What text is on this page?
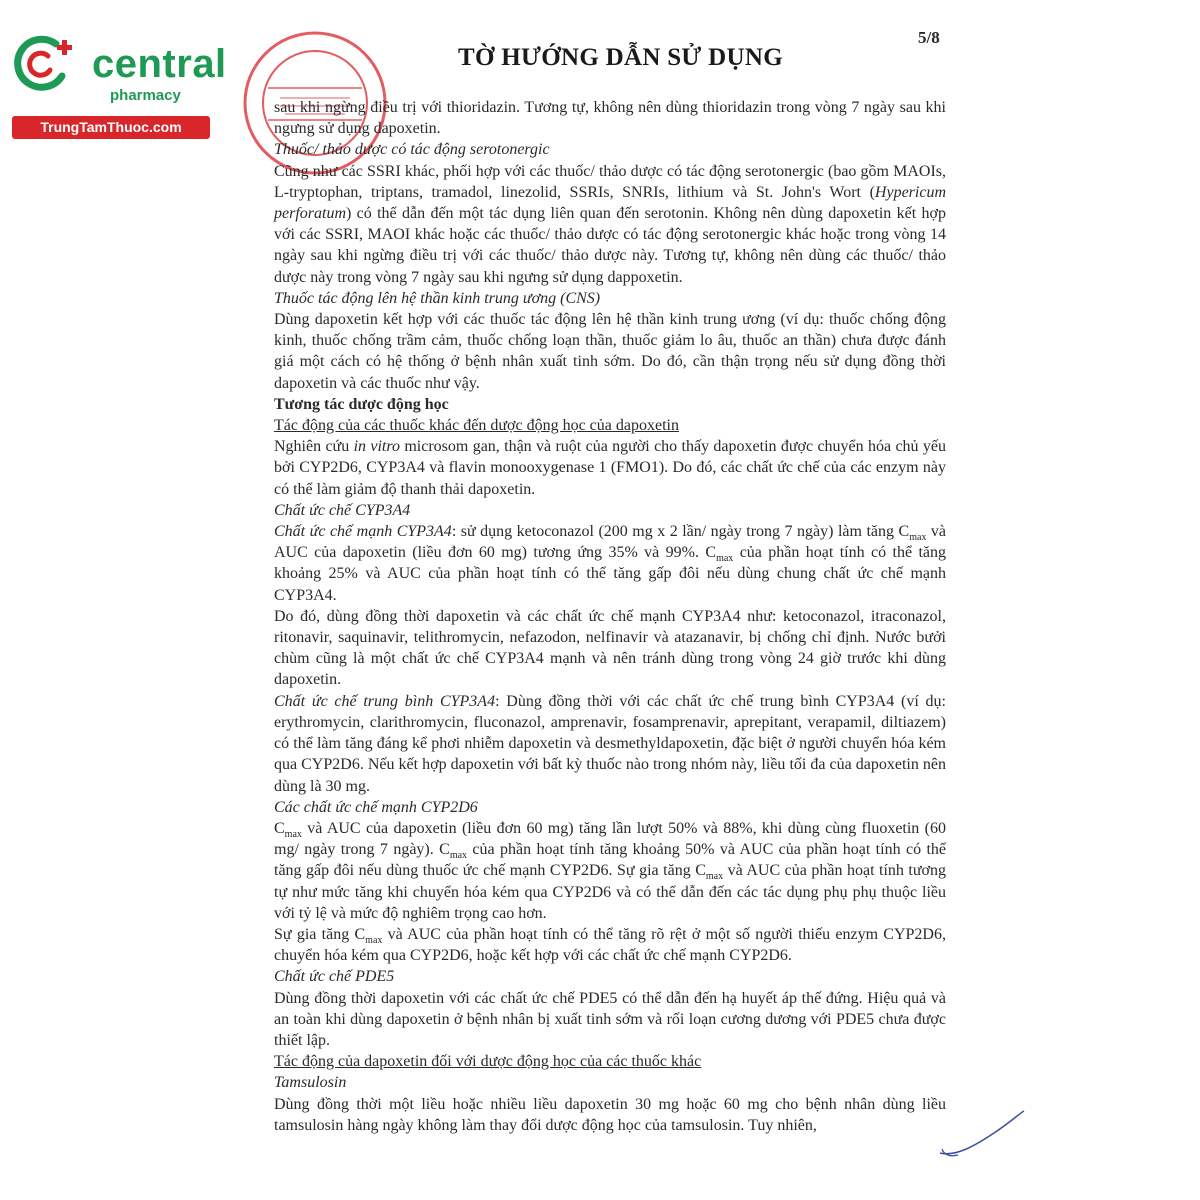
central
pharmacy
TrungTamThuoc.com
5/8
TỜ HƯỚNG DẪN SỬ DỤNG

sau khi ngừng điều trị với thioridazin. Tương tự, không nên dùng thioridazin trong vòng 7 ngày sau khi ngưng sử dụng dapoxetin.

Thuốc/ thảo dược có tác động serotonergic

Cũng như các SSRI khác, phối hợp với các thuốc/ thảo dược có tác động serotonergic (bao gồm MAOIs, L-tryptophan, triptans, tramadol, linezolid, SSRIs, SNRIs, lithium và St. John's Wort (Hypericum perforatum) có thể dẫn đến một tác dụng liên quan đến serotonin. Không nên dùng dapoxetin kết hợp với các SSRI, MAOI khác hoặc các thuốc/ thảo dược có tác động serotonergic khác hoặc trong vòng 14 ngày sau khi ngừng điều trị với các thuốc/ thảo dược này. Tương tự, không nên dùng các thuốc/ thảo dược này trong vòng 7 ngày sau khi ngưng sử dụng dappoxetin.

Thuốc tác động lên hệ thần kinh trung ương (CNS)

Dùng dapoxetin kết hợp với các thuốc tác động lên hệ thần kinh trung ương (ví dụ: thuốc chống động kinh, thuốc chống trầm cảm, thuốc chống loạn thần, thuốc giảm lo âu, thuốc an thần) chưa được đánh giá một cách có hệ thống ở bệnh nhân xuất tinh sớm. Do đó, cần thận trọng nếu sử dụng đồng thời dapoxetin và các thuốc như vậy.

Tương tác dược động học

Tác động của các thuốc khác đến dược động học của dapoxetin

Nghiên cứu in vitro microsom gan, thận và ruột của người cho thấy dapoxetin được chuyển hóa chủ yếu bởi CYP2D6, CYP3A4 và flavin monooxygenase 1 (FMO1). Do đó, các chất ức chế của các enzym này có thể làm giảm độ thanh thải dapoxetin.

Chất ức chế CYP3A4

Chất ức chế mạnh CYP3A4: sử dụng ketoconazol (200 mg x 2 lần/ ngày trong 7 ngày) làm tăng $C_{max}$ và AUC của dapoxetin (liều đơn 60 mg) tương ứng 35% và 99%. $C_{max}$ của phần hoạt tính có thể tăng khoảng 25% và AUC của phần hoạt tính có thể tăng gấp đôi nếu dùng chung chất ức chế mạnh CYP3A4.

Do đó, dùng đồng thời dapoxetin và các chất ức chế mạnh CYP3A4 như: ketoconazol, itraconazol, ritonavir, saquinavir, telithromycin, nefazodon, nelfinavir và atazanavir, bị chống chỉ định. Nước bưởi chùm cũng là một chất ức chế CYP3A4 mạnh và nên tránh dùng trong vòng 24 giờ trước khi dùng dapoxetin.

Chất ức chế trung bình CYP3A4: Dùng đồng thời với các chất ức chế trung bình CYP3A4 (ví dụ: erythromycin, clarithromycin, fluconazol, amprenavir, fosamprenavir, aprepitant, verapamil, diltiazem) có thể làm tăng đáng kể phơi nhiễm dapoxetin và desmethyldapoxetin, đặc biệt ở người chuyển hóa kém qua CYP2D6. Nếu kết hợp dapoxetin với bất kỳ thuốc nào trong nhóm này, liều tối đa của dapoxetin nên dùng là 30 mg.

Các chất ức chế mạnh CYP2D6

$C_{max}$ và AUC của dapoxetin (liều đơn 60 mg) tăng lần lượt 50% và 88%, khi dùng cùng fluoxetin (60 mg/ ngày trong 7 ngày). $C_{max}$ của phần hoạt tính tăng khoảng 50% và AUC của phần hoạt tính có thể tăng gấp đôi nếu dùng thuốc ức chế mạnh CYP2D6. Sự gia tăng $C_{max}$ và AUC của phần hoạt tính tương tự như mức tăng khi chuyển hóa kém qua CYP2D6 và có thể dẫn đến các tác dụng phụ phụ thuộc liều với tỷ lệ và mức độ nghiêm trọng cao hơn.

Sự gia tăng $C_{max}$ và AUC của phần hoạt tính có thể tăng rõ rệt ở một số người thiếu enzym CYP2D6, chuyển hóa kém qua CYP2D6, hoặc kết hợp với các chất ức chế mạnh CYP2D6.

Chất ức chế PDE5

Dùng đồng thời dapoxetin với các chất ức chế PDE5 có thể dẫn đến hạ huyết áp thế đứng. Hiệu quả và an toàn khi dùng dapoxetin ở bệnh nhân bị xuất tinh sớm và rối loạn cương dương với PDE5 chưa được thiết lập.

Tác động của dapoxetin đối với dược động học của các thuốc khác

Tamsulosin

Dùng đồng thời một liều hoặc nhiều liều dapoxetin 30 mg hoặc 60 mg cho bệnh nhân dùng liều tamsulosin hàng ngày không làm thay đổi dược động học của tamsulosin. Tuy nhiên,
